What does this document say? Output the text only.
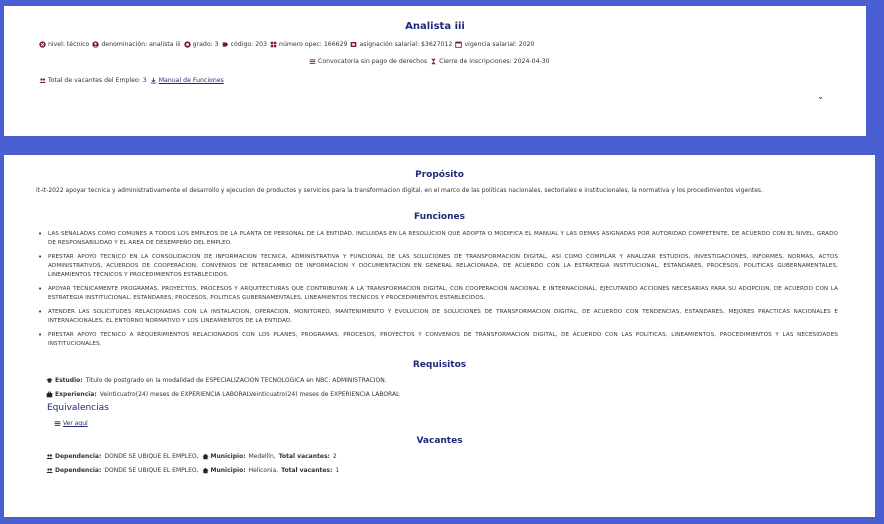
Analista iii
nivel: técnico denominación: analista iii grado: 3 código: 203 número opec: 166629 asignación salarial: $3627012 vigencia salarial: 2020
Convocatoria sin pago de derechos Cierre de inscripciones: 2024-04-30
Total de vacantes del Empleo: 3 Manual de Funciones
⌄
Propósito
it-it-2022 apoyar tecnica y administrativamente el desarrollo y ejecucion de productos y servicios para la transformacion digital, en el marco de las politicas nacionales, sectoriales e institucionales, la normativa y los procedimientos vigentes.
Funciones
• LAS SEÑALADAS COMO COMUNES A TODOS LOS EMPLEOS DE LA PLANTA DE PERSONAL DE LA ENTIDAD, INCLUIDAS EN LA RESOLUCION QUE ADOPTA O MODIFICA EL MANUAL Y LAS DEMAS ASIGNADAS POR AUTORIDAD COMPETENTE, DE ACUERDO CON EL NIVEL, GRADO DE RESPONSABILIDAD Y EL AREA DE DESEMPEÑO DEL EMPLEO.
• PRESTAR APOYO TECNICO EN LA CONSOLIDACION DE INFORMACION TECNICA, ADMINISTRATIVA Y FUNCIONAL DE LAS SOLUCIONES DE TRANSFORMACION DIGITAL, ASI COMO COMPILAR Y ANALIZAR ESTUDIOS, INVESTIGACIONES, INFORMES, NORMAS, ACTOS ADMINISTRATIVOS, ACUERDOS DE COOPERACION, CONVENIOS DE INTERCAMBIO DE INFORMACION Y DOCUMENTACION EN GENERAL RELACIONADA, DE ACUERDO CON LA ESTRATEGIA INSTITUCIONAL, ESTANDARES, PROCESOS, POLITICAS GUBERNAMENTALES, LINEAMIENTOS TECNICOS Y PROCEDIMIENTOS ESTABLECIDOS.
• APOYAR TECNICAMENTE PROGRAMAS, PROYECTOS, PROCESOS Y ARQUITECTURAS QUE CONTRIBUYAN A LA TRANSFORMACION DIGITAL, CON COOPERACION NACIONAL E INTERNACIONAL, EJECUTANDO ACCIONES NECESARIAS PARA SU ADOPCION, DE ACUERDO CON LA ESTRATEGIA INSTITUCIONAL, ESTANDARES, PROCESOS, POLITICAS GUBERNAMENTALES, LINEAMIENTOS TECNICOS Y PROCEDIMIENTOS ESTABLECIDOS.
• ATENDER LAS SOLICITUDES RELACIONADAS CON LA INSTALACION, OPERACION, MONITOREO, MANTENIMIENTO Y EVOLUCION DE SOLUCIONES DE TRANSFORMACION DIGITAL, DE ACUERDO CON TENDENCIAS, ESTANDARES, MEJORES PRACTICAS NACIONALES E INTERNACIONALES, EL ENTORNO NORMATIVO Y LOS LINEAMIENTOS DE LA ENTIDAD.
• PRESTAR APOYO TECNICO A REQUERIMIENTOS RELACIONADOS CON LOS PLANES, PROGRAMAS, PROCESOS, PROYECTOS Y CONVENIOS DE TRANSFORMACION DIGITAL, DE ACUERDO CON LAS POLITICAS, LINEAMIENTOS, PROCEDIMIENTOS Y LAS NECESIDADES INSTITUCIONALES.
Requisitos
Estudio: Titulo de postgrado en la modalidad de ESPECIALIZACION TECNOLOGICA en NBC: ADMINISTRACION.
Experiencia: Veinticuatro(24) meses de EXPERIENCIA LABORALVeinticuatro(24) meses de EXPERIENCIA LABORAL
Equivalencias
Ver aquí
Vacantes
Dependencia: DONDE SE UBIQUE EL EMPLEO, Municipio: Medellín, Total vacantes: 2
Dependencia: DONDE SE UBIQUE EL EMPLEO, Municipio: Heliconia, Total vacantes: 1
